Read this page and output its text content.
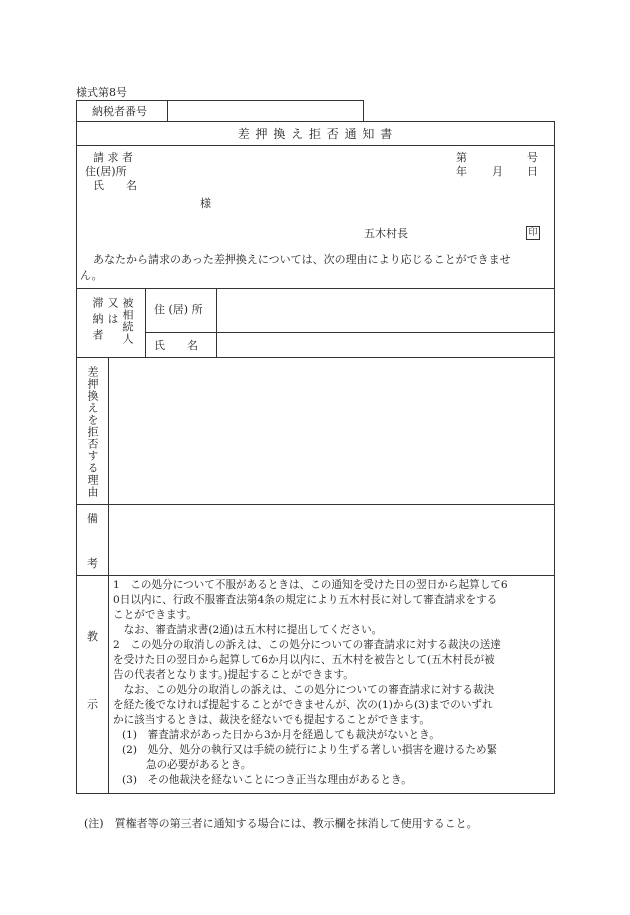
様式第8号
納税者番号
差 押 換 え 拒 否 通 知 書
請 求 者
住(居)所
氏　　名
様
第	号
年 月 日
五木村長	印
あなたから請求のあった差押換えについては、次の理由により応じることができませ
ん。
滞納者 又は 被相続人 住 (居) 所
氏　　名
差押換えを拒否する理由
備
考
教
示
1　この処分について不服があるときは、この通知を受けた日の翌日から起算して6
0日以内に、行政不服審査法第4条の規定により五木村長に対して審査請求をする
ことができます。
　なお、審査請求書(2通)は五木村に提出してください。
2　この処分の取消しの訴えは、この処分についての審査請求に対する裁決の送達
を受けた日の翌日から起算して6か月以内に、五木村を被告として(五木村長が被
告の代表者となります。)提起することができます。
　なお、この処分の取消しの訴えは、この処分についての審査請求に対する裁決
を経た後でなければ提起することができませんが、次の(1)から(3)までのいずれ
かに該当するときは、裁決を経ないでも提起することができます。
(1)　審査請求があった日から3か月を経過しても裁決がないとき。
(2)　処分、処分の執行又は手続の続行により生ずる著しい損害を避けるため緊
急の必要があるとき。
(3)　その他裁決を経ないことにつき正当な理由があるとき。
(注)　質権者等の第三者に通知する場合には、教示欄を抹消して使用すること。
